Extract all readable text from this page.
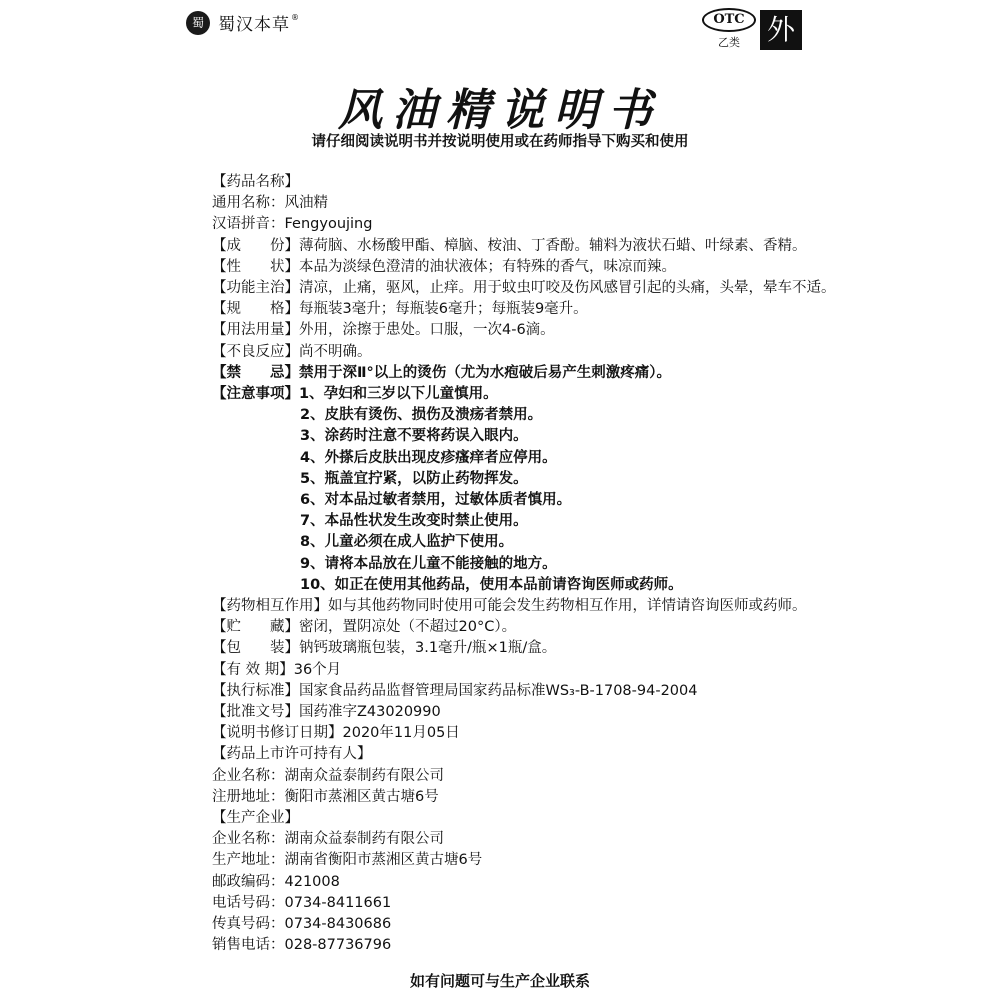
蜀 蜀汉本草 ®	OTC
乙类 外
风油精说明书
请仔细阅读说明书并按说明使用或在药师指导下购买和使用
【药品名称】
通用名称：风油精
汉语拼音：Fengyoujing
【成　　份】薄荷脑、水杨酸甲酯、樟脑、桉油、丁香酚。辅料为液状石蜡、叶绿素、香精。
【性　　状】本品为淡绿色澄清的油状液体；有特殊的香气，味凉而辣。
【功能主治】清凉，止痛，驱风，止痒。用于蚊虫叮咬及伤风感冒引起的头痛，头晕，晕车不适。
【规　　格】每瓶装3毫升；每瓶装6毫升；每瓶装9毫升。
【用法用量】外用，涂擦于患处。口服，一次4-6滴。
【不良反应】尚不明确。
【禁　　忌】禁用于深Ⅱ°以上的烫伤（尤为水疱破后易产生刺激疼痛）。
【注意事项】1、孕妇和三岁以下儿童慎用。
2、皮肤有烫伤、损伤及溃疡者禁用。
3、涂药时注意不要将药误入眼内。
4、外搽后皮肤出现皮疹瘙痒者应停用。
5、瓶盖宜拧紧，以防止药物挥发。
6、对本品过敏者禁用，过敏体质者慎用。
7、本品性状发生改变时禁止使用。
8、儿童必须在成人监护下使用。
9、请将本品放在儿童不能接触的地方。
10、如正在使用其他药品，使用本品前请咨询医师或药师。
【药物相互作用】如与其他药物同时使用可能会发生药物相互作用，详情请咨询医师或药师。
【贮　　藏】密闭，置阴凉处（不超过20°C）。
【包　　装】钠钙玻璃瓶包装，3.1毫升/瓶×1瓶/盒。
【有 效 期】36个月
【执行标准】国家食品药品监督管理局国家药品标准WS₃-B-1708-94-2004
【批准文号】国药准字Z43020990
【说明书修订日期】2020年11月05日
【药品上市许可持有人】
企业名称：湖南众益泰制药有限公司
注册地址：衡阳市蒸湘区黄古塘6号
【生产企业】
企业名称：湖南众益泰制药有限公司
生产地址：湖南省衡阳市蒸湘区黄古塘6号
邮政编码：421008
电话号码：0734-8411661
传真号码：0734-8430686
销售电话：028-87736796
如有问题可与生产企业联系
